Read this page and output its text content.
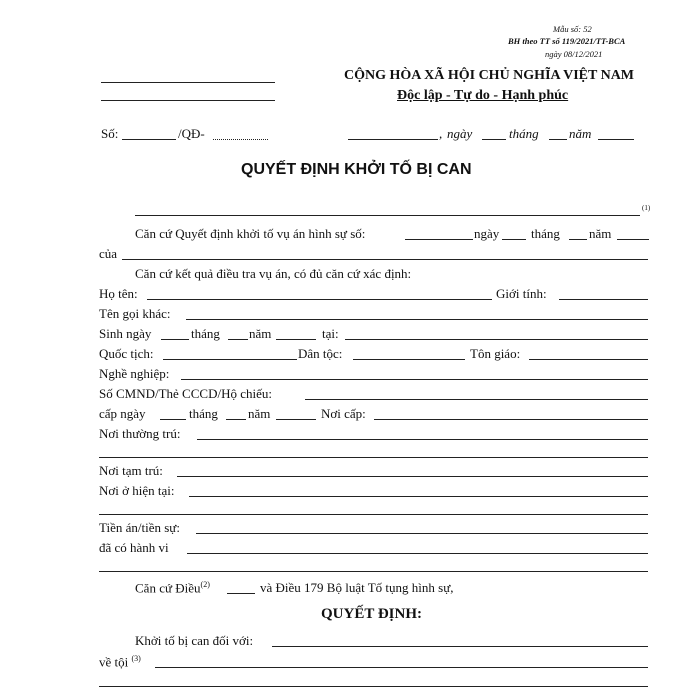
Mẫu số: 52
BH theo TT số 119/2021/TT-BCA
ngày 08/12/2021
CỘNG HÒA XÃ HỘI CHỦ NGHĨA VIỆT NAM
Độc lập - Tự do - Hạnh phúc
Số:	/QĐ-	, ngày	tháng năm
QUYẾT ĐỊNH KHỞI TỐ BỊ CAN
(1)
Căn cứ Quyết định khởi tố vụ án hình sự số:	ngày tháng năm
của
Căn cứ kết quả điều tra vụ án, có đủ căn cứ xác định:
Họ tên:	Giới tính:
Tên gọi khác:
Sinh ngày	tháng năm	tại:
Quốc tịch:	Dân tộc:	Tôn giáo:
Nghề nghiệp:
Số CMND/Thẻ CCCD/Hộ chiếu:
cấp ngày	tháng năm	Nơi cấp:
Nơi thường trú:
Nơi tạm trú:
Nơi ở hiện tại:
Tiền án/tiền sự:
đã có hành vi
Căn cứ Điều$^{(2)}$	và Điều 179 Bộ luật Tố tụng hình sự,
QUYẾT ĐỊNH:
Khởi tố bị can đối với:
về tội $^{(3)}$
